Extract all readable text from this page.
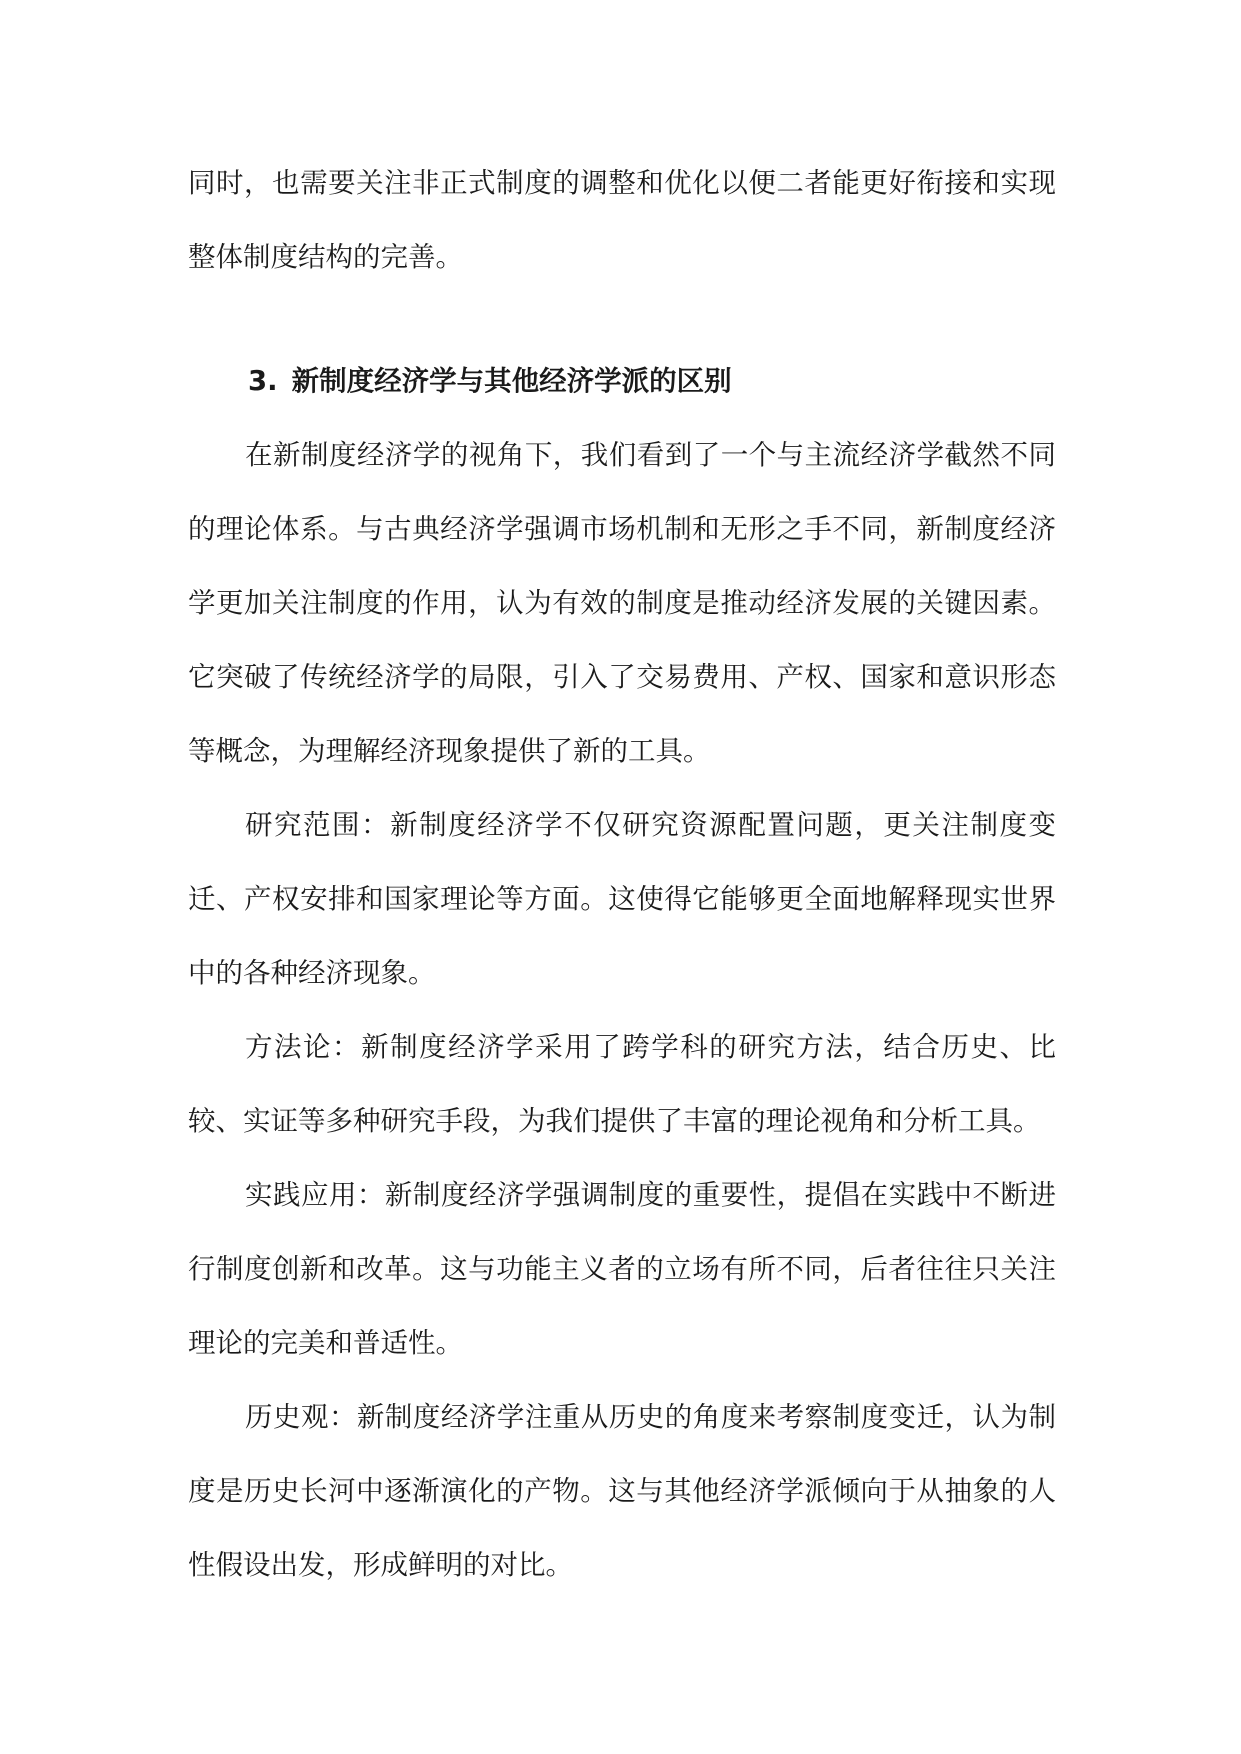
同时，也需要关注非正式制度的调整和优化以便二者能更好衔接和实现整体制度结构的完善。

3. 新制度经济学与其他经济学派的区别

在新制度经济学的视角下，我们看到了一个与主流经济学截然不同的理论体系。与古典经济学强调市场机制和无形之手不同，新制度经济学更加关注制度的作用，认为有效的制度是推动经济发展的关键因素。它突破了传统经济学的局限，引入了交易费用、产权、国家和意识形态等概念，为理解经济现象提供了新的工具。

研究范围：新制度经济学不仅研究资源配置问题，更关注制度变迁、产权安排和国家理论等方面。这使得它能够更全面地解释现实世界中的各种经济现象。

方法论：新制度经济学采用了跨学科的研究方法，结合历史、比较、实证等多种研究手段，为我们提供了丰富的理论视角和分析工具。

实践应用：新制度经济学强调制度的重要性，提倡在实践中不断进行制度创新和改革。这与功能主义者的立场有所不同，后者往往只关注理论的完美和普适性。

历史观：新制度经济学注重从历史的角度来考察制度变迁，认为制度是历史长河中逐渐演化的产物。这与其他经济学派倾向于从抽象的人性假设出发，形成鲜明的对比。
